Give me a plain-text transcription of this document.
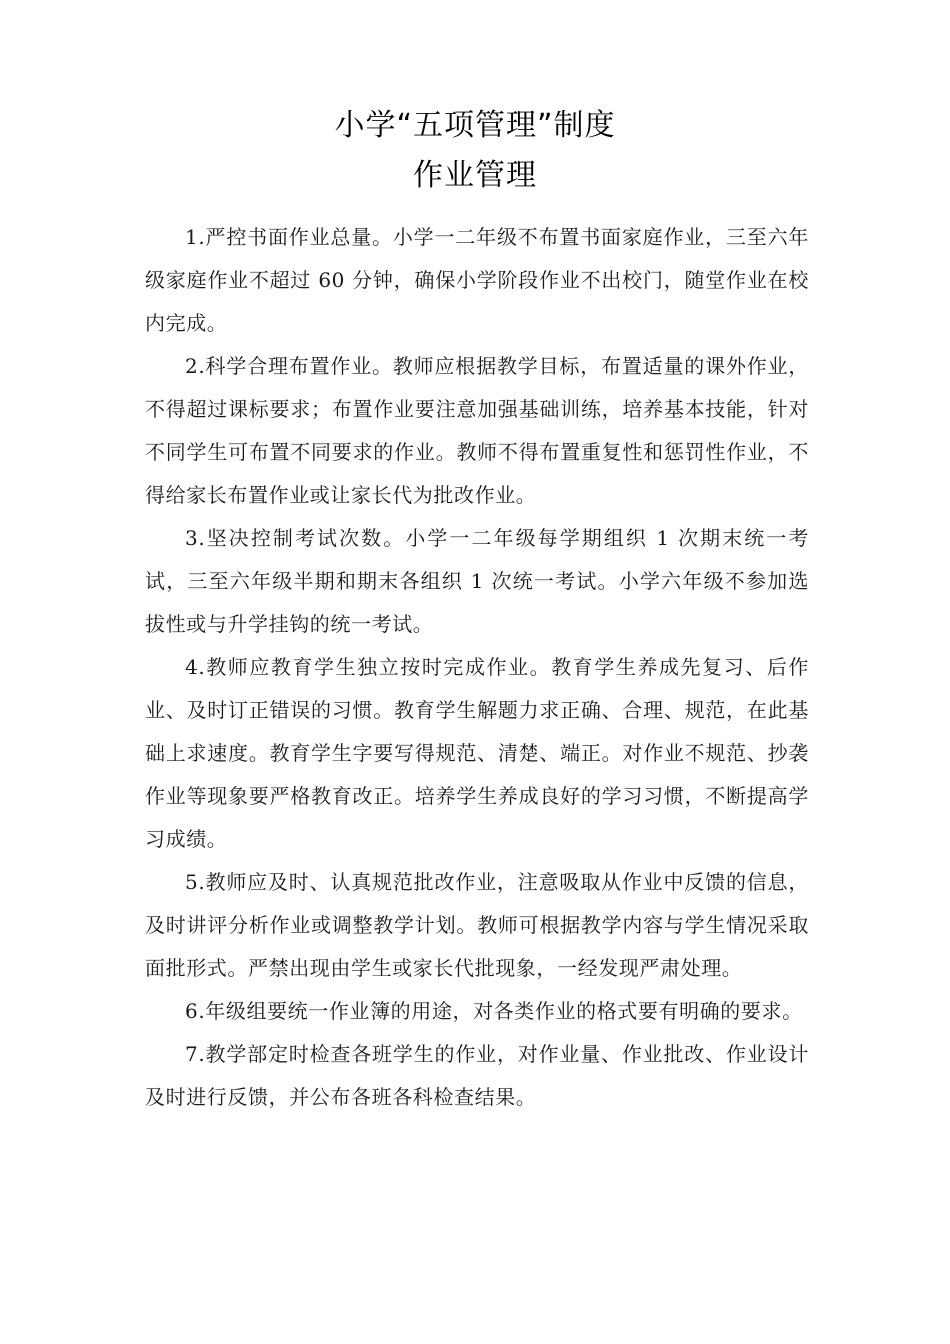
小学“五项管理”制度
作业管理

1.严控书面作业总量。小学一二年级不布置书面家庭作业，三至六年级家庭作业不超过 60 分钟，确保小学阶段作业不出校门，随堂作业在校内完成。

2.科学合理布置作业。教师应根据教学目标，布置适量的课外作业，不得超过课标要求；布置作业要注意加强基础训练，培养基本技能，针对不同学生可布置不同要求的作业。教师不得布置重复性和惩罚性作业，不得给家长布置作业或让家长代为批改作业。

3.坚决控制考试次数。小学一二年级每学期组织 1 次期末统一考试，三至六年级半期和期末各组织 1 次统一考试。小学六年级不参加选拔性或与升学挂钩的统一考试。

4.教师应教育学生独立按时完成作业。教育学生养成先复习、后作业、及时订正错误的习惯。教育学生解题力求正确、合理、规范，在此基础上求速度。教育学生字要写得规范、清楚、端正。对作业不规范、抄袭作业等现象要严格教育改正。培养学生养成良好的学习习惯，不断提高学习成绩。

5.教师应及时、认真规范批改作业，注意吸取从作业中反馈的信息，及时讲评分析作业或调整教学计划。教师可根据教学内容与学生情况采取面批形式。严禁出现由学生或家长代批现象，一经发现严肃处理。

6.年级组要统一作业簿的用途，对各类作业的格式要有明确的要求。

7.教学部定时检查各班学生的作业，对作业量、作业批改、作业设计及时进行反馈，并公布各班各科检查结果。
